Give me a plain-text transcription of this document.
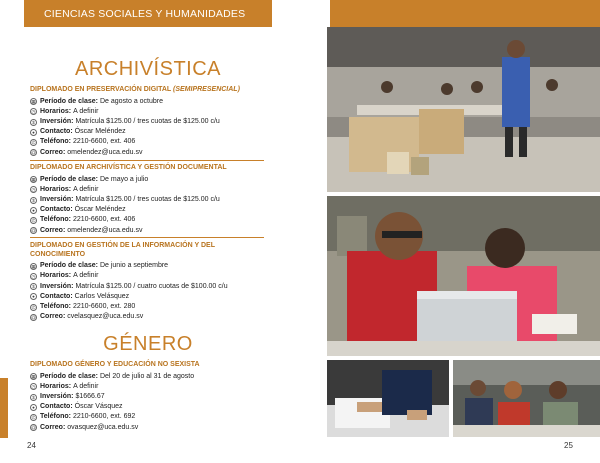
CIENCIAS SOCIALES Y HUMANIDADES
ARCHIVÍSTICA
DIPLOMADO EN PRESERVACIÓN DIGITAL (SEMIPRESENCIAL)
▦ Período de clase: De agosto a octubre
◷ Horarios: A definir
$ Inversión: Matrícula $125.00 / tres cuotas de $125.00 c/u
● Contacto: Óscar Meléndez
✆ Teléfono: 2210-6600, ext. 406
@ Correo: omelendez@uca.edu.sv
DIPLOMADO EN ARCHIVÍSTICA Y GESTIÓN DOCUMENTAL
▦ Período de clase: De mayo a julio
◷ Horarios: A definir
$ Inversión: Matrícula $125.00 / tres cuotas de $125.00 c/u
● Contacto: Óscar Meléndez
✆ Teléfono: 2210-6600, ext. 406
@ Correo: omelendez@uca.edu.sv
DIPLOMADO EN GESTIÓN DE LA INFORMACIÓN Y DEL CONOCIMIENTO
▦ Período de clase: De junio a septiembre
◷ Horarios: A definir
$ Inversión: Matrícula $125.00 / cuatro cuotas de $100.00 c/u
● Contacto: Carlos Velásquez
✆ Teléfono: 2210-6600, ext. 280
@ Correo: cvelasquez@uca.edu.sv
GÉNERO
DIPLOMADO GÉNERO Y EDUCACIÓN NO SEXISTA
▦ Período de clase: Del 20 de julio al 31 de agosto
◷ Horarios: A definir
$ Inversión: $1666.67
● Contacto: Óscar Vásquez
✆ Teléfono: 2210-6600, ext. 692
@ Correo: ovasquez@uca.edu.sv
24	25
